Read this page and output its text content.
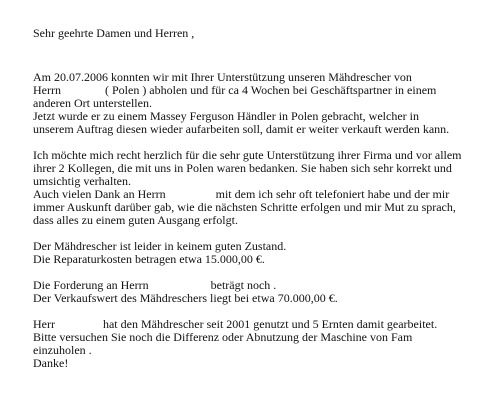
Sehr geehrte Damen und Herren ,
Am 20.07.2006 konnten wir mit Ihrer Unterstützung unseren Mähdrescher von
Herrn	( Polen ) abholen und für ca 4 Wochen bei Geschäftspartner in einem
anderen Ort unterstellen.
Jetzt wurde er zu einem Massey Ferguson Händler in Polen gebracht, welcher in
unserem Auftrag diesen wieder aufarbeiten soll, damit er weiter verkauft werden kann.
Ich möchte mich recht herzlich für die sehr gute Unterstützung ihrer Firma und vor allem
ihrer 2 Kollegen, die mit uns in Polen waren bedanken. Sie haben sich sehr korrekt und
umsichtig verhalten.
Auch vielen Dank an Herrn	mit dem ich sehr oft telefoniert habe und der mir
immer Auskunft darüber gab, wie die nächsten Schritte erfolgen und mir Mut zu sprach,
dass alles zu einem guten Ausgang erfolgt.
Der Mähdrescher ist leider in keinem guten Zustand.
Die Reparaturkosten betragen etwa 15.000,00 €.
Die Forderung an Herrn	beträgt noch .
Der Verkaufswert des Mähdreschers liegt bei etwa 70.000,00 €.
Herr	hat den Mähdrescher seit 2001 genutzt und 5 Ernten damit gearbeitet.
Bitte versuchen Sie noch die Differenz oder Abnutzung der Maschine von Fam
einzuholen .
Danke!
